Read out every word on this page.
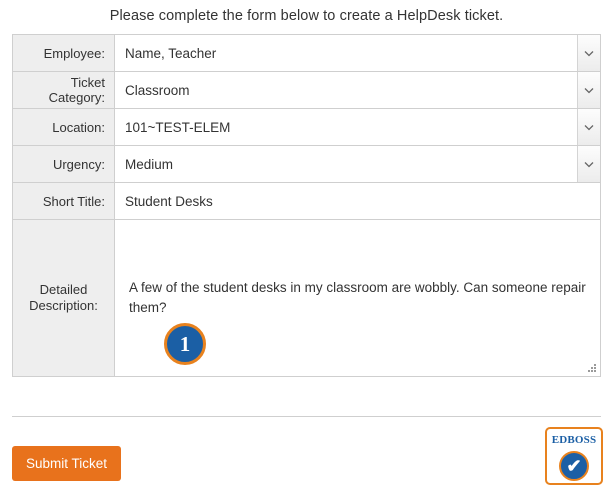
Please complete the form below to create a HelpDesk ticket.
Employee:	Name, Teacher
Ticket Category:	Classroom
Location:	101~TEST-ELEM
Urgency:	Medium
Short Title:	Student Desks
Detailed Description:
A few of the student desks in my classroom are wobbly. Can someone repair them?
1
Submit Ticket
EDBOSS
✔
